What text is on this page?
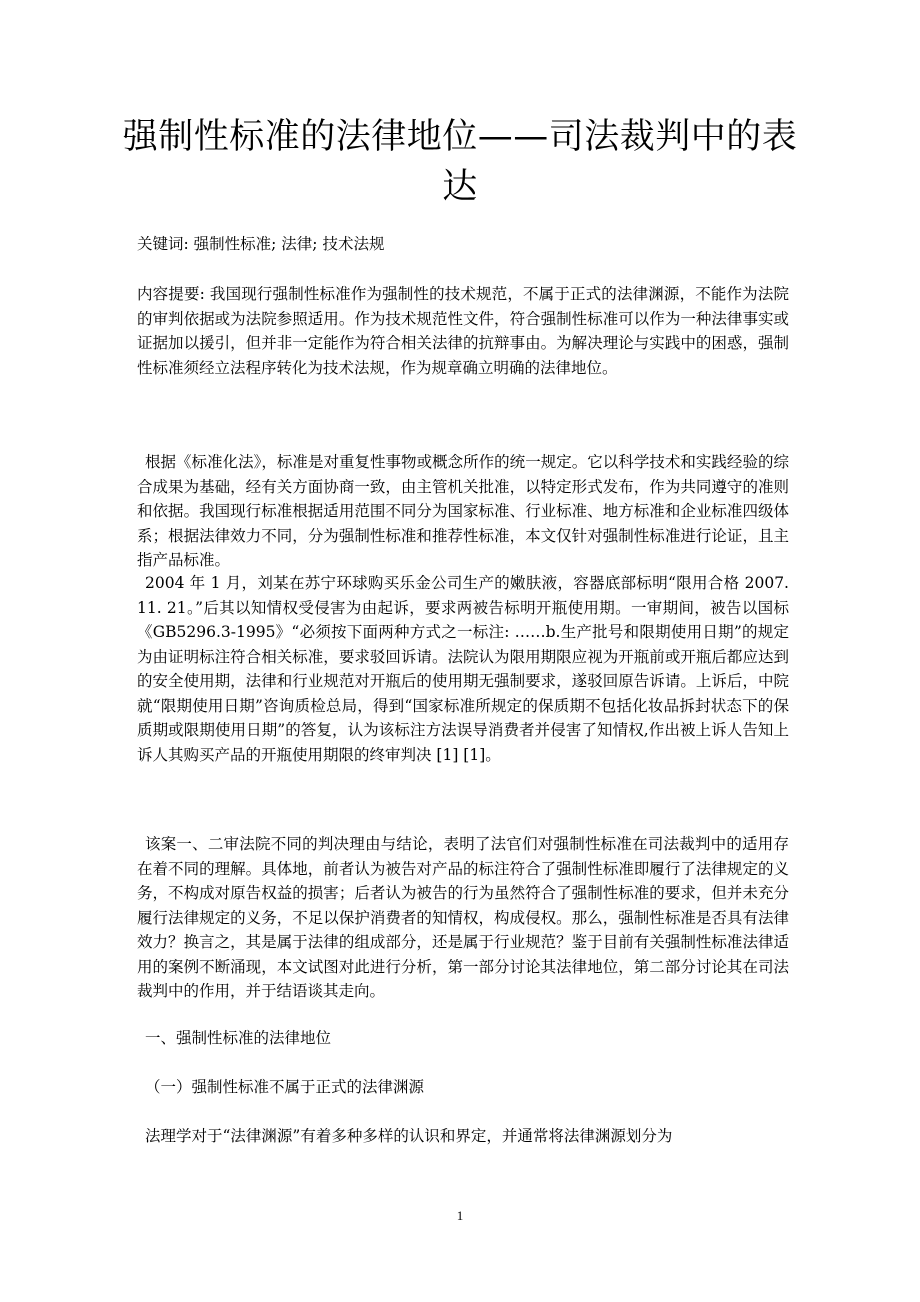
强制性标准的法律地位——司法裁判中的表达

关键词: 强制性标准; 法律; 技术法规

内容提要: 我国现行强制性标准作为强制性的技术规范，不属于正式的法律渊源，不能作为法院的审判依据或为法院参照适用。作为技术规范性文件，符合强制性标准可以作为一种法律事实或证据加以援引，但并非一定能作为符合相关法律的抗辩事由。为解决理论与实践中的困惑，强制性标准须经立法程序转化为技术法规，作为规章确立明确的法律地位。

根据《标准化法》，标准是对重复性事物或概念所作的统一规定。它以科学技术和实践经验的综合成果为基础，经有关方面协商一致，由主管机关批准，以特定形式发布，作为共同遵守的准则和依据。我国现行标准根据适用范围不同分为国家标准、行业标准、地方标准和企业标准四级体系；根据法律效力不同，分为强制性标准和推荐性标准，本文仅针对强制性标准进行论证，且主指产品标准。

2004 年 1 月，刘某在苏宁环球购买乐金公司生产的嫩肤液，容器底部标明“限用合格 2007. 11. 21。”后其以知情权受侵害为由起诉，要求两被告标明开瓶使用期。一审期间，被告以国标《GB5296.3-1995》“必须按下面两种方式之一标注: ……b.生产批号和限期使用日期”的规定为由证明标注符合相关标准，要求驳回诉请。法院认为限用期限应视为开瓶前或开瓶后都应达到的安全使用期，法律和行业规范对开瓶后的使用期无强制要求，遂驳回原告诉请。上诉后，中院就“限期使用日期”咨询质检总局，得到“国家标准所规定的保质期不包括化妆品拆封状态下的保质期或限期使用日期”的答复，认为该标注方法误导消费者并侵害了知情权,作出被上诉人告知上诉人其购买产品的开瓶使用期限的终审判决 [1] [1]。

该案一、二审法院不同的判决理由与结论，表明了法官们对强制性标准在司法裁判中的适用存在着不同的理解。具体地，前者认为被告对产品的标注符合了强制性标准即履行了法律规定的义务，不构成对原告权益的损害；后者认为被告的行为虽然符合了强制性标准的要求，但并未充分履行法律规定的义务，不足以保护消费者的知情权，构成侵权。那么，强制性标准是否具有法律效力？换言之，其是属于法律的组成部分，还是属于行业规范？鉴于目前有关强制性标准法律适用的案例不断涌现，本文试图对此进行分析，第一部分讨论其法律地位，第二部分讨论其在司法裁判中的作用，并于结语谈其走向。

一、强制性标准的法律地位

（一）强制性标准不属于正式的法律渊源

法理学对于“法律渊源”有着多种多样的认识和界定，并通常将法律渊源划分为

1
